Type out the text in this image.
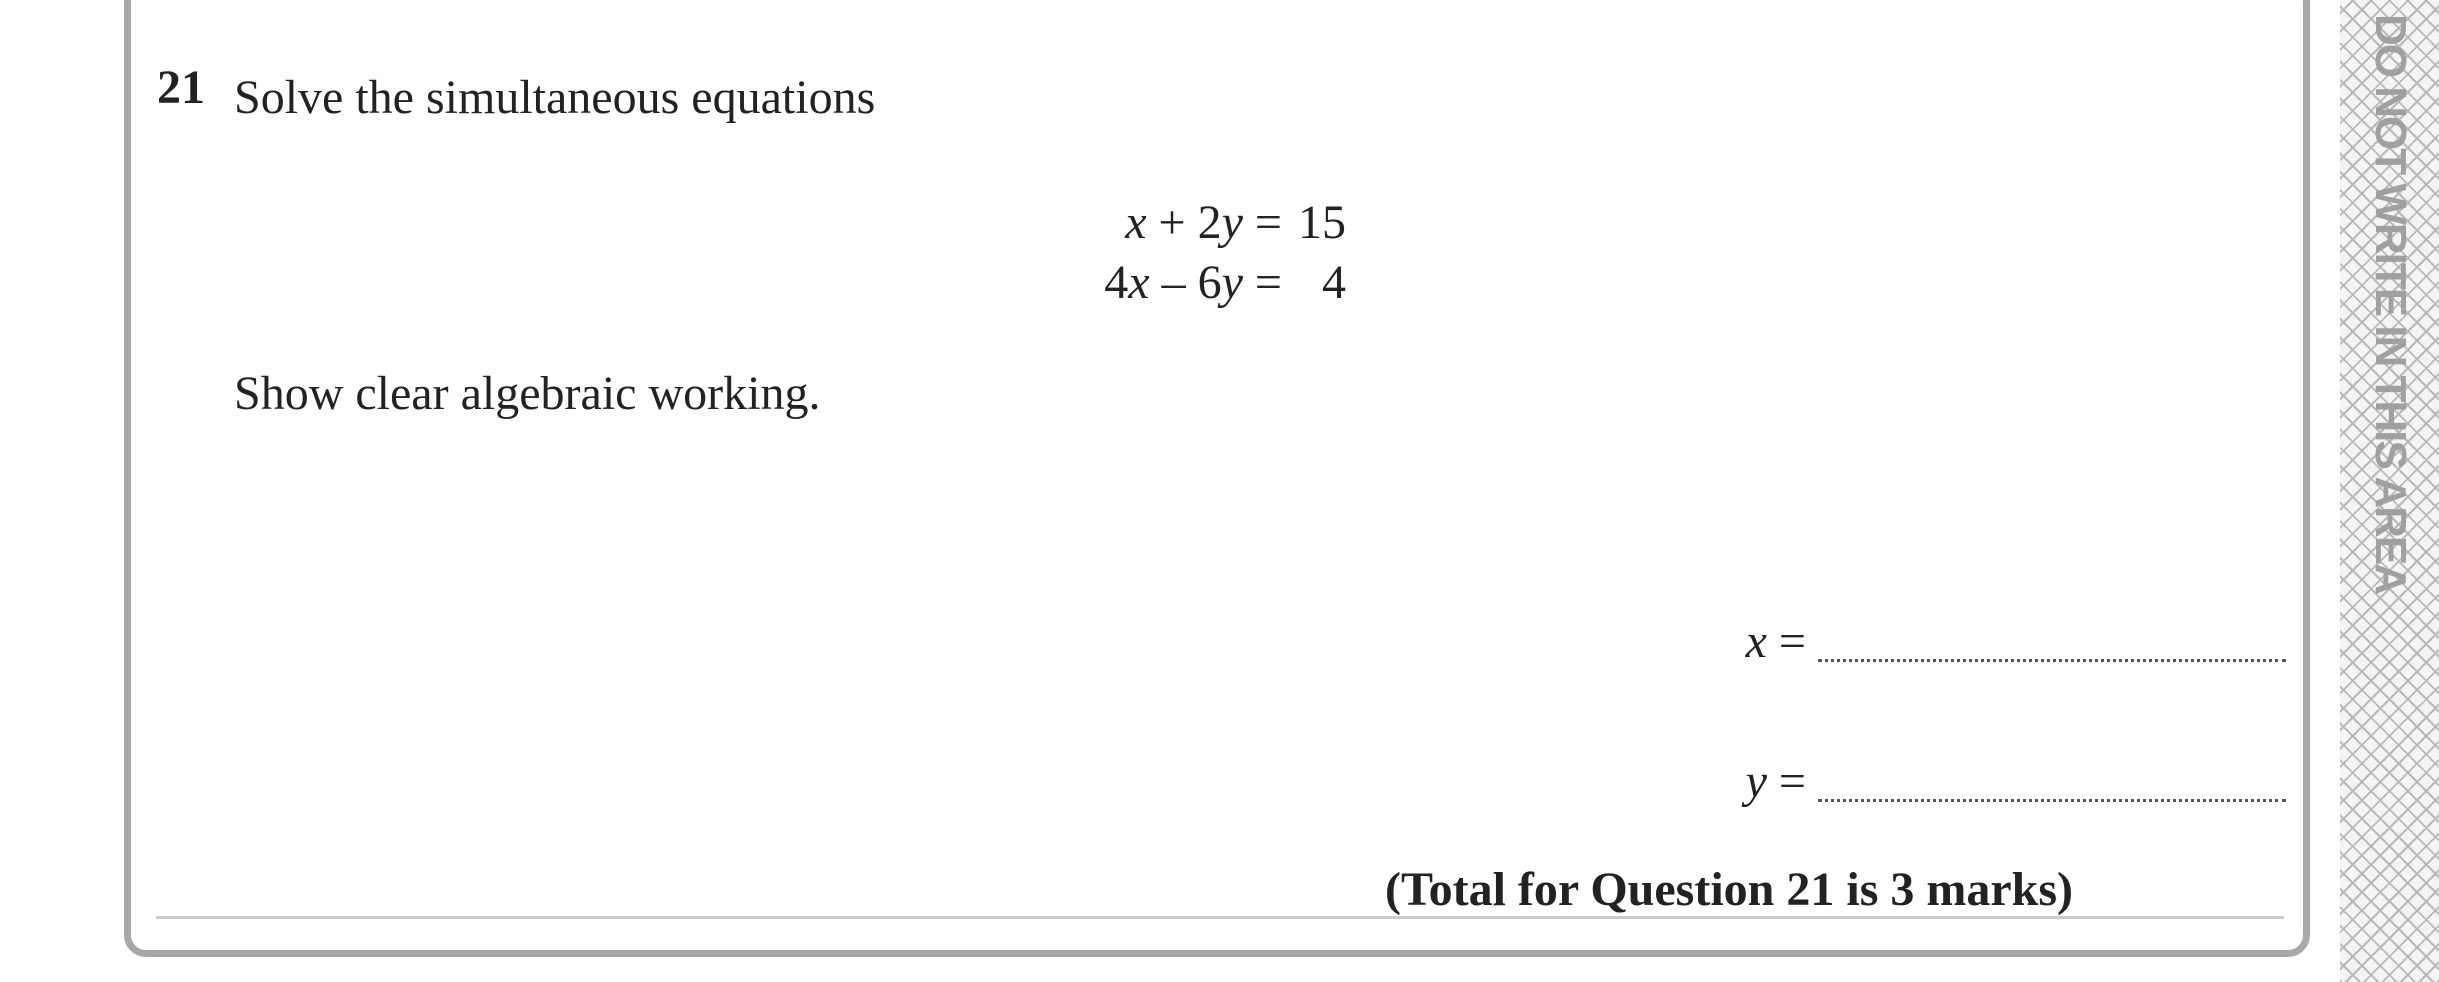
21 Solve the simultaneous equations
x + 2y = 15
4x – 6y = 4
Show clear algebraic working.
x =
y =
(Total for Question 21 is 3 marks)
DO NOT WRITE IN THIS AREA
